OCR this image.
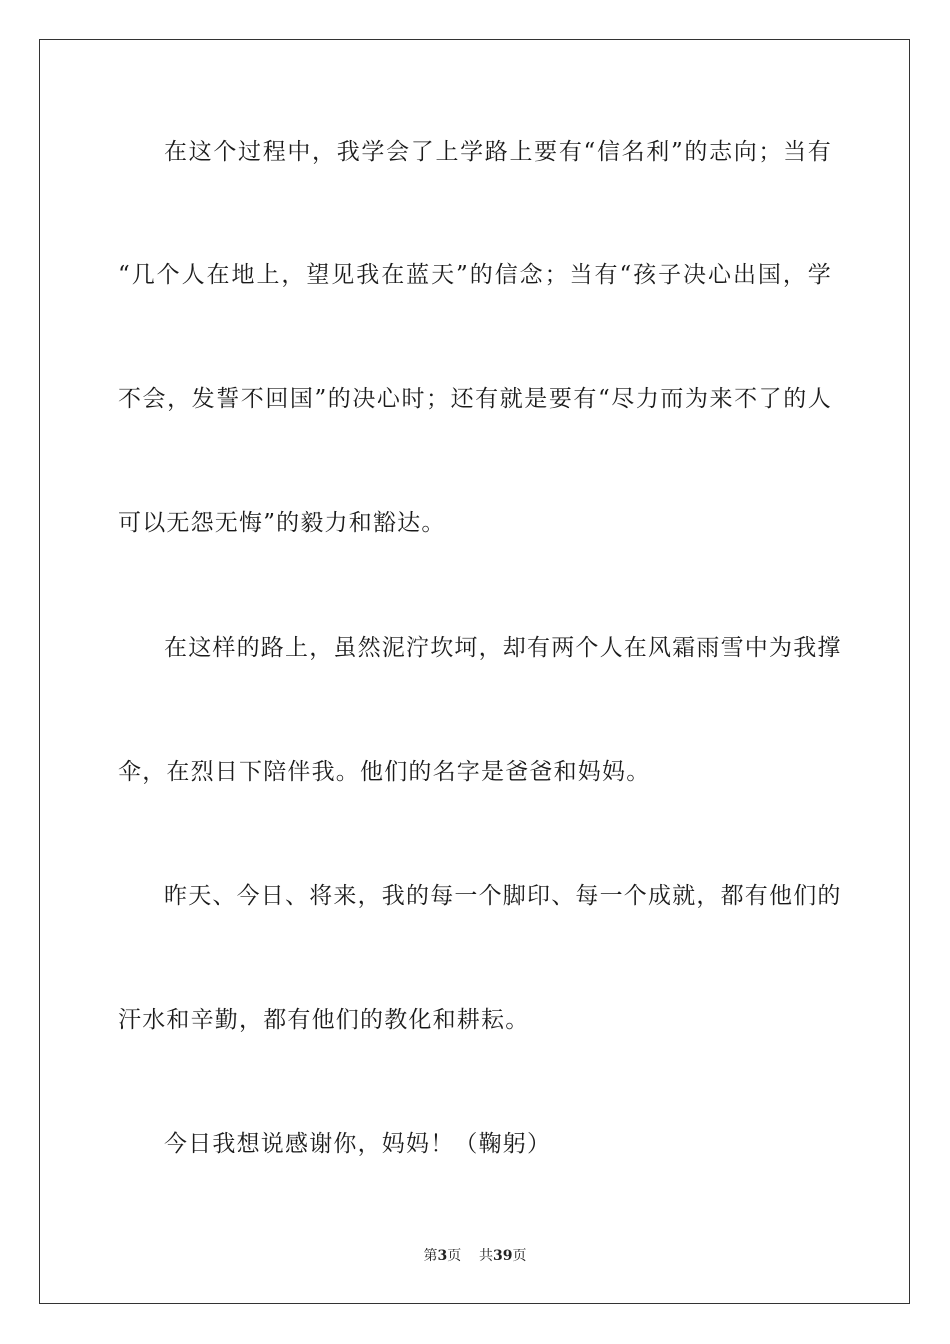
在这个过程中，我学会了上学路上要有“信名利”的志向；当有
“几个人在地上，望见我在蓝天”的信念；当有“孩子决心出国，学
不会，发誓不回国”的决心时；还有就是要有“尽力而为来不了的人
可以无怨无悔”的毅力和豁达。
在这样的路上，虽然泥泞坎坷，却有两个人在风霜雨雪中为我撑
伞，在烈日下陪伴我。他们的名字是爸爸和妈妈。
昨天、今日、将来，我的每一个脚印、每一个成就，都有他们的
汗水和辛勤，都有他们的教化和耕耘。
今日我想说感谢你，妈妈！（鞠躬）
第3页 共39页
